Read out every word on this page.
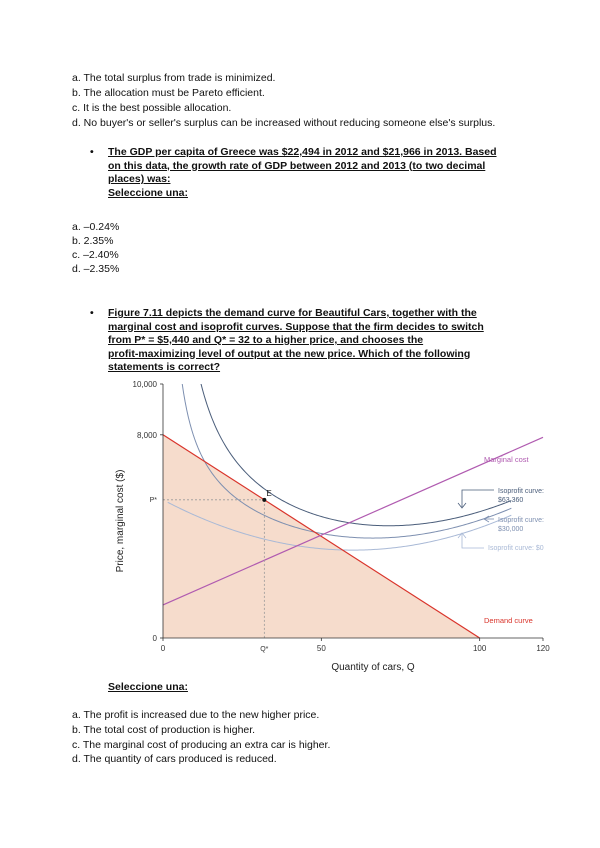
a. The total surplus from trade is minimized.
b. The allocation must be Pareto efficient.
c. It is the best possible allocation.
d. No buyer's or seller's surplus can be increased without reducing someone else's surplus.
• The GDP per capita of Greece was $22,494 in 2012 and $21,966 in 2013. Based
on this data, the growth rate of GDP between 2012 and 2013 (to two decimal
places) was:
Seleccione una:
a. –0.24%
b. 2.35%
c. –2.40%
d. –2.35%
• Figure 7.11 depicts the demand curve for Beautiful Cars, together with the
marginal cost and isoprofit curves. Suppose that the firm decides to switch
from P* = $5,440 and Q* = 32 to a higher price, and chooses the
profit-maximizing level of output at the new price. Which of the following
statements is correct?
E
0
P*
8,000
10,000
0	Q*	50	100	120
Quantity of cars, Q
Price, marginal cost ($)
Marginal cost
Demand curve
Isoprofit curve:
$63,360
Isoprofit curve:
$30,000
Isoprofit curve: $0
Seleccione una:
a. The profit is increased due to the new higher price.
b. The total cost of production is higher.
c. The marginal cost of producing an extra car is higher.
d. The quantity of cars produced is reduced.
